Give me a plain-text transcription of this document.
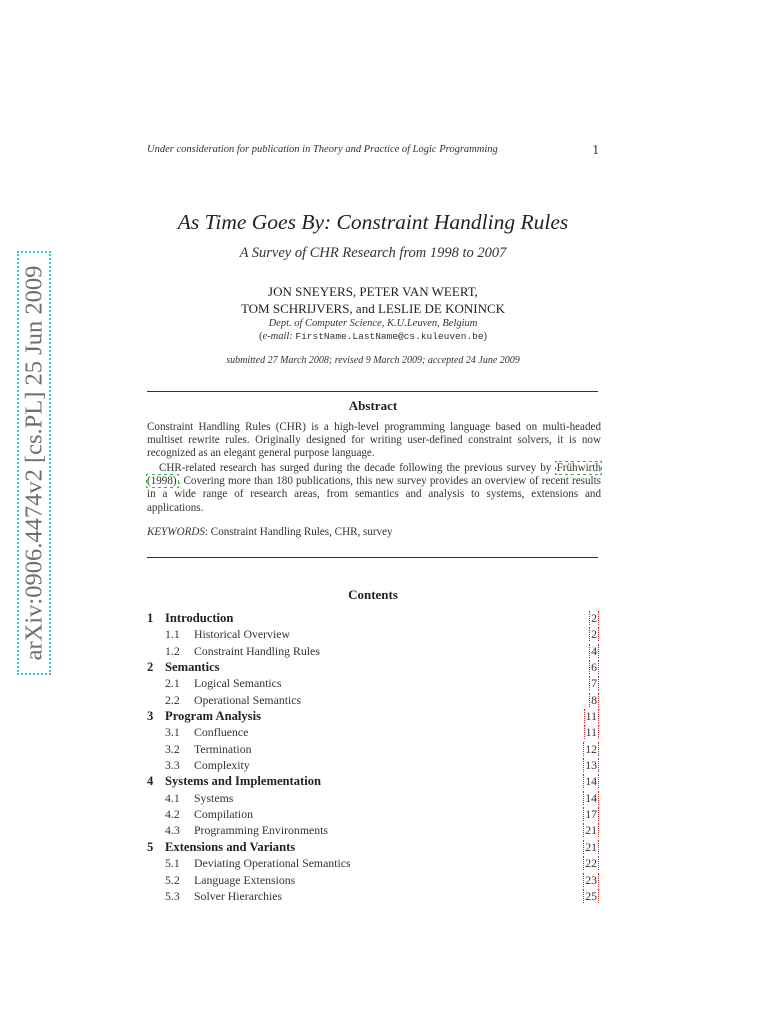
arXiv:0906.4474v2 [cs.PL] 25 Jun 2009
Under consideration for publication in Theory and Practice of Logic Programming	1
As Time Goes By: Constraint Handling Rules
A Survey of CHR Research from 1998 to 2007
JON SNEYERS, PETER VAN WEERT,
TOM SCHRIJVERS, and LESLIE DE KONINCK
Dept. of Computer Science, K.U.Leuven, Belgium
(e-mail: FirstName.LastName@cs.kuleuven.be)
submitted 27 March 2008; revised 9 March 2009; accepted 24 June 2009
Abstract
Constraint Handling Rules (CHR) is a high-level programming language based on multi-headed multiset rewrite rules. Originally designed for writing user-defined constraint solvers, it is now recognized as an elegant general purpose language.
CHR-related research has surged during the decade following the previous survey by Frühwirth (1998). Covering more than 180 publications, this new survey provides an overview of recent results in a wide range of research areas, from semantics and analysis to systems, extensions and applications.
KEYWORDS: Constraint Handling Rules, CHR, survey
Contents
1 Introduction	2
1.1 Historical Overview	2
1.2 Constraint Handling Rules	4
2 Semantics	6
2.1 Logical Semantics	7
2.2 Operational Semantics	8
3 Program Analysis	11
3.1 Confluence	11
3.2 Termination	12
3.3 Complexity	13
4 Systems and Implementation	14
4.1 Systems	14
4.2 Compilation	17
4.3 Programming Environments	21
5 Extensions and Variants	21
5.1 Deviating Operational Semantics	22
5.2 Language Extensions	23
5.3 Solver Hierarchies	25
